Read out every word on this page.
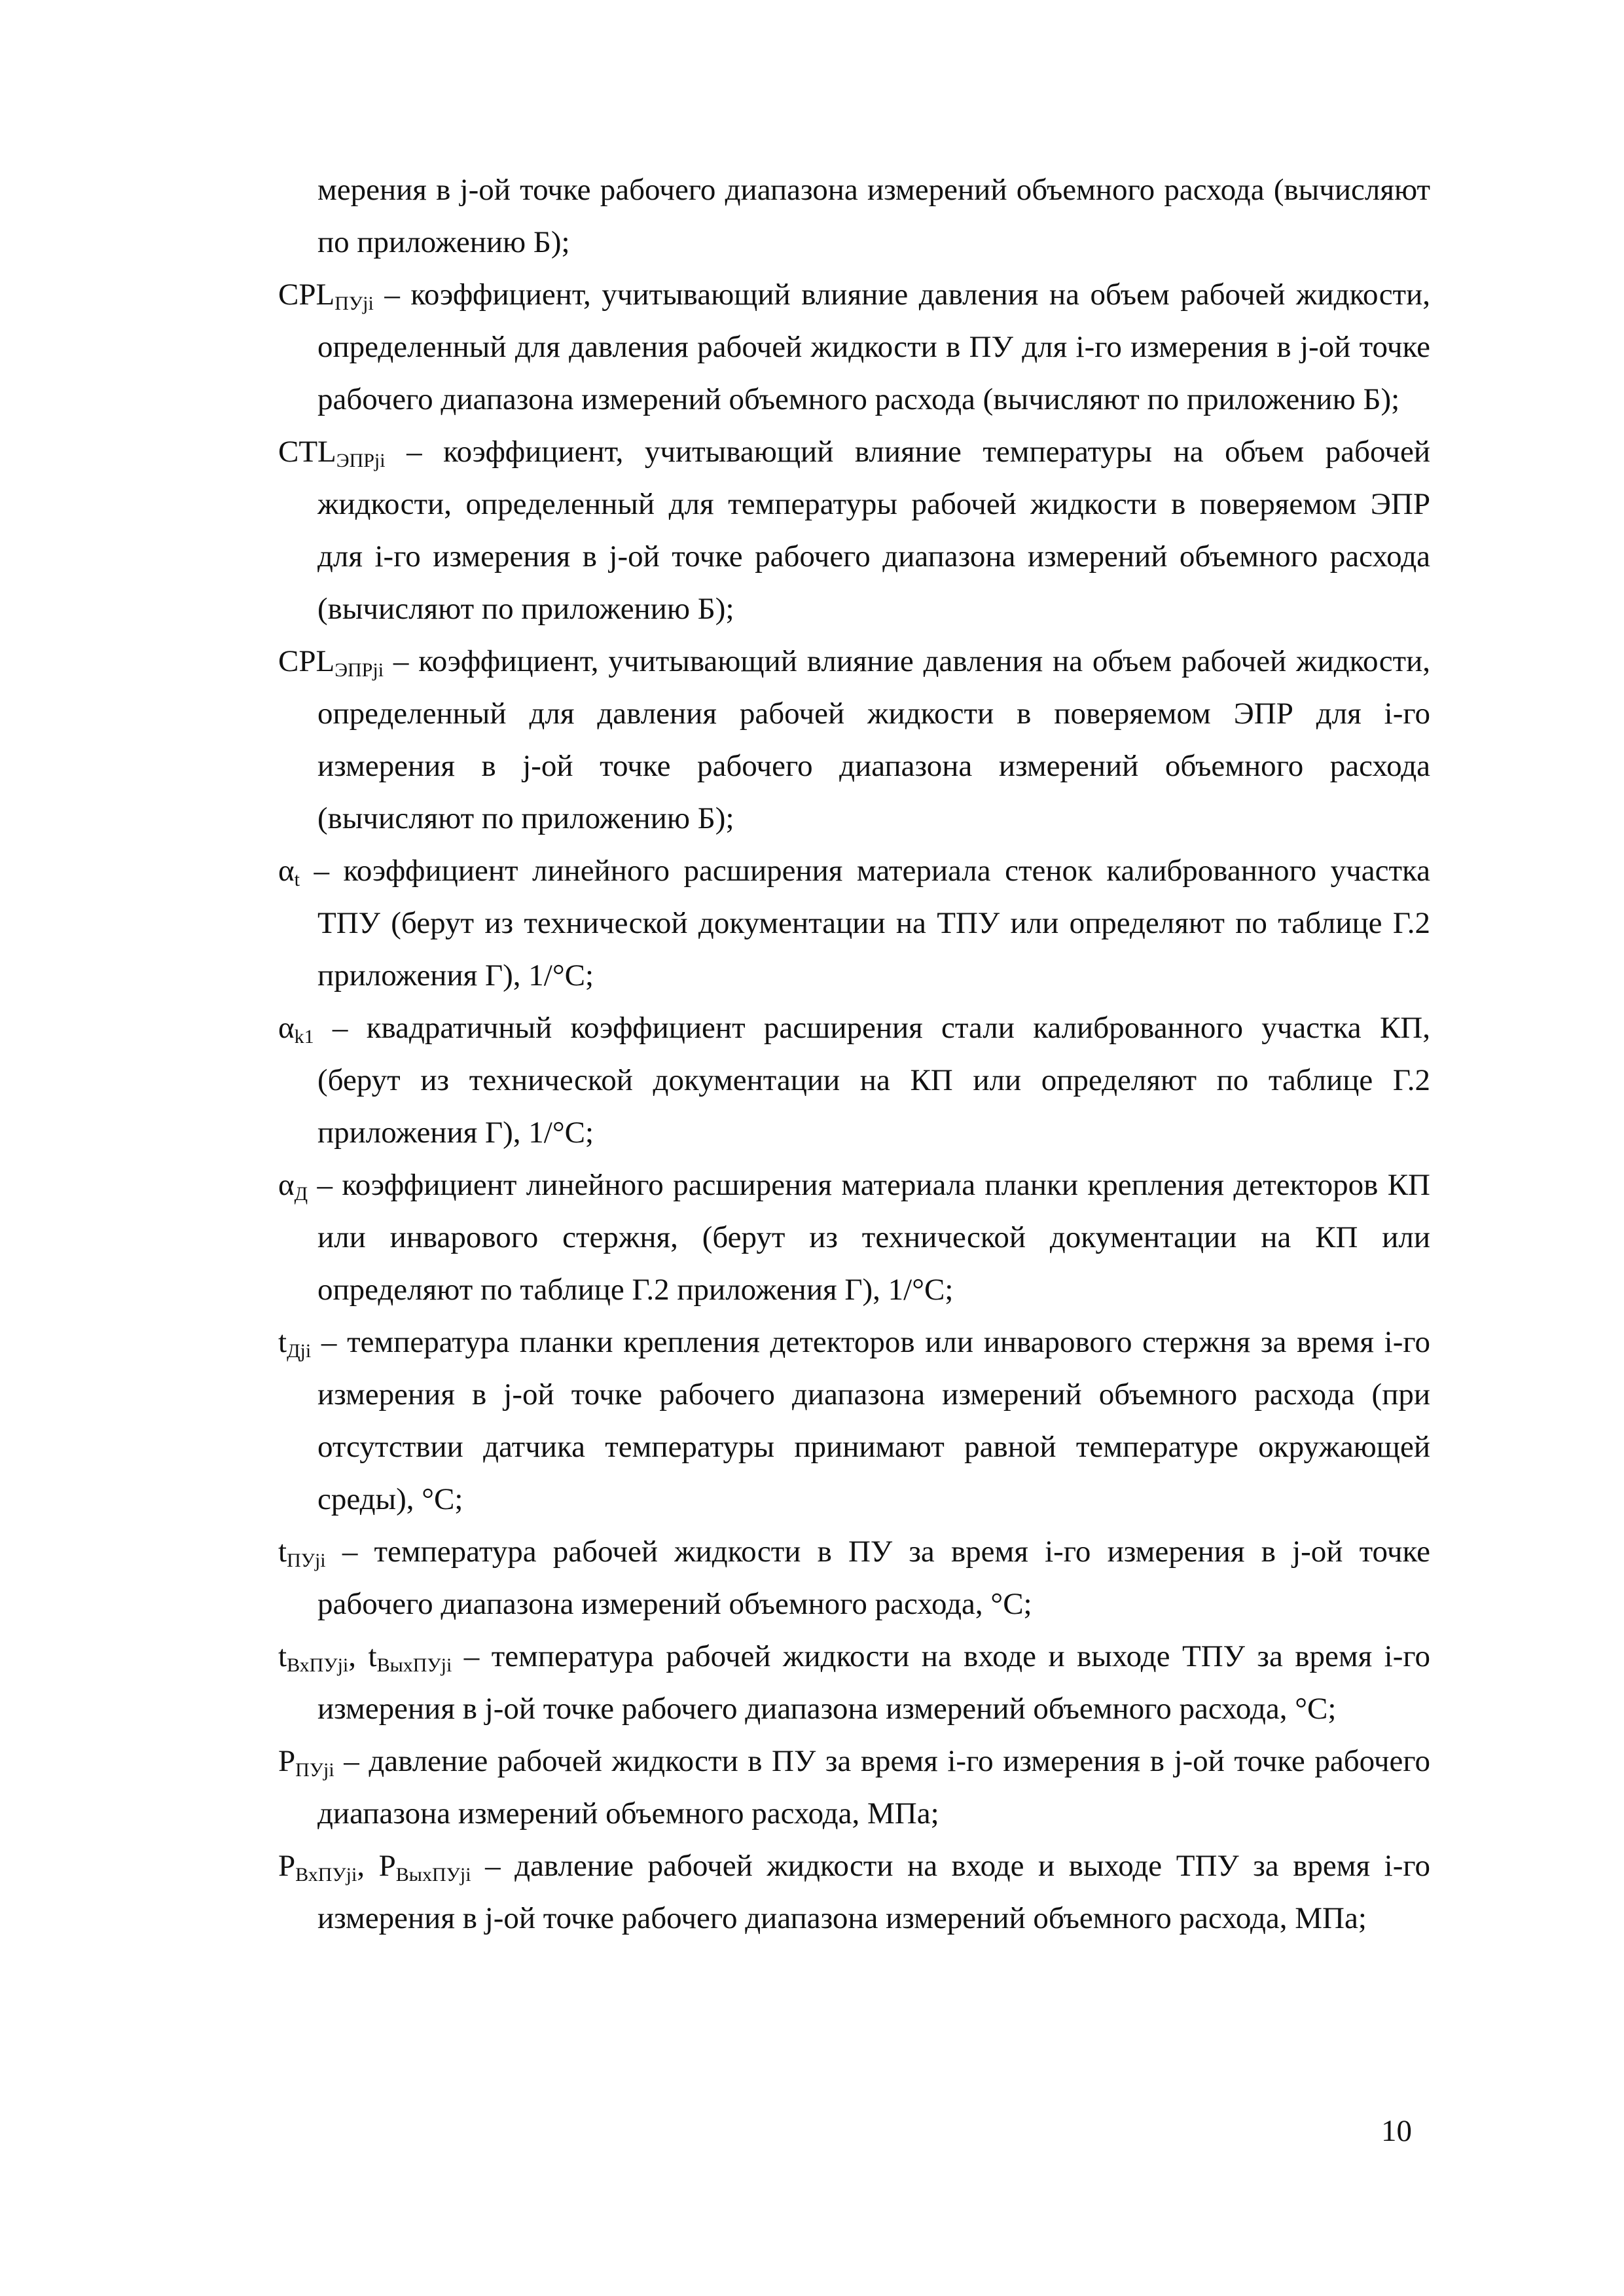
мерения в j-ой точке рабочего диапазона измерений объемного расхода (вычисляют по приложению Б);

$CPL_{ПУji}$ – коэффициент, учитывающий влияние давления на объем рабочей жидкости, определенный для давления рабочей жидкости в ПУ для i-го измерения в j-ой точке рабочего диапазона измерений объемного расхода (вычисляют по приложению Б);

$CTL_{ЭПРji}$ – коэффициент, учитывающий влияние температуры на объем рабочей жидкости, определенный для температуры рабочей жидкости в поверяемом ЭПР для i-го измерения в j-ой точке рабочего диапазона измерений объемного расхода (вычисляют по приложению Б);

$CPL_{ЭПРji}$ – коэффициент, учитывающий влияние давления на объем рабочей жидкости, определенный для давления рабочей жидкости в поверяемом ЭПР для i-го измерения в j-ой точке рабочего диапазона измерений объемного расхода (вычисляют по приложению Б);

$\alpha_t$ – коэффициент линейного расширения материала стенок калиброванного участка ТПУ (берут из технической документации на ТПУ или определяют по таблице Г.2 приложения Г), 1/°С;

$\alpha_{k1}$ – квадратичный коэффициент расширения стали калиброванного участка КП, (берут из технической документации на КП или определяют по таблице Г.2 приложения Г), 1/°С;

$\alpha_Д$ – коэффициент линейного расширения материала планки крепления детекторов КП или инварового стержня, (берут из технической документации на КП или определяют по таблице Г.2 приложения Г), 1/°С;

$t_{Дji}$ – температура планки крепления детекторов или инварового стержня за время i-го измерения в j-ой точке рабочего диапазона измерений объемного расхода (при отсутствии датчика температуры принимают равной температуре окружающей среды), °С;

$t_{ПУji}$ – температура рабочей жидкости в ПУ за время i-го измерения в j-ой точке рабочего диапазона измерений объемного расхода, °С;

$t_{ВхПУji}$, $t_{ВыхПУji}$ – температура рабочей жидкости на входе и выходе ТПУ за время i-го измерения в j-ой точке рабочего диапазона измерений объемного расхода, °С;

$P_{ПУji}$ – давление рабочей жидкости в ПУ за время i-го измерения в j-ой точке рабочего диапазона измерений объемного расхода, МПа;

$P_{ВхПУji}$, $P_{ВыхПУji}$ – давление рабочей жидкости на входе и выходе ТПУ за время i-го измерения в j-ой точке рабочего диапазона измерений объемного расхода, МПа;

10
